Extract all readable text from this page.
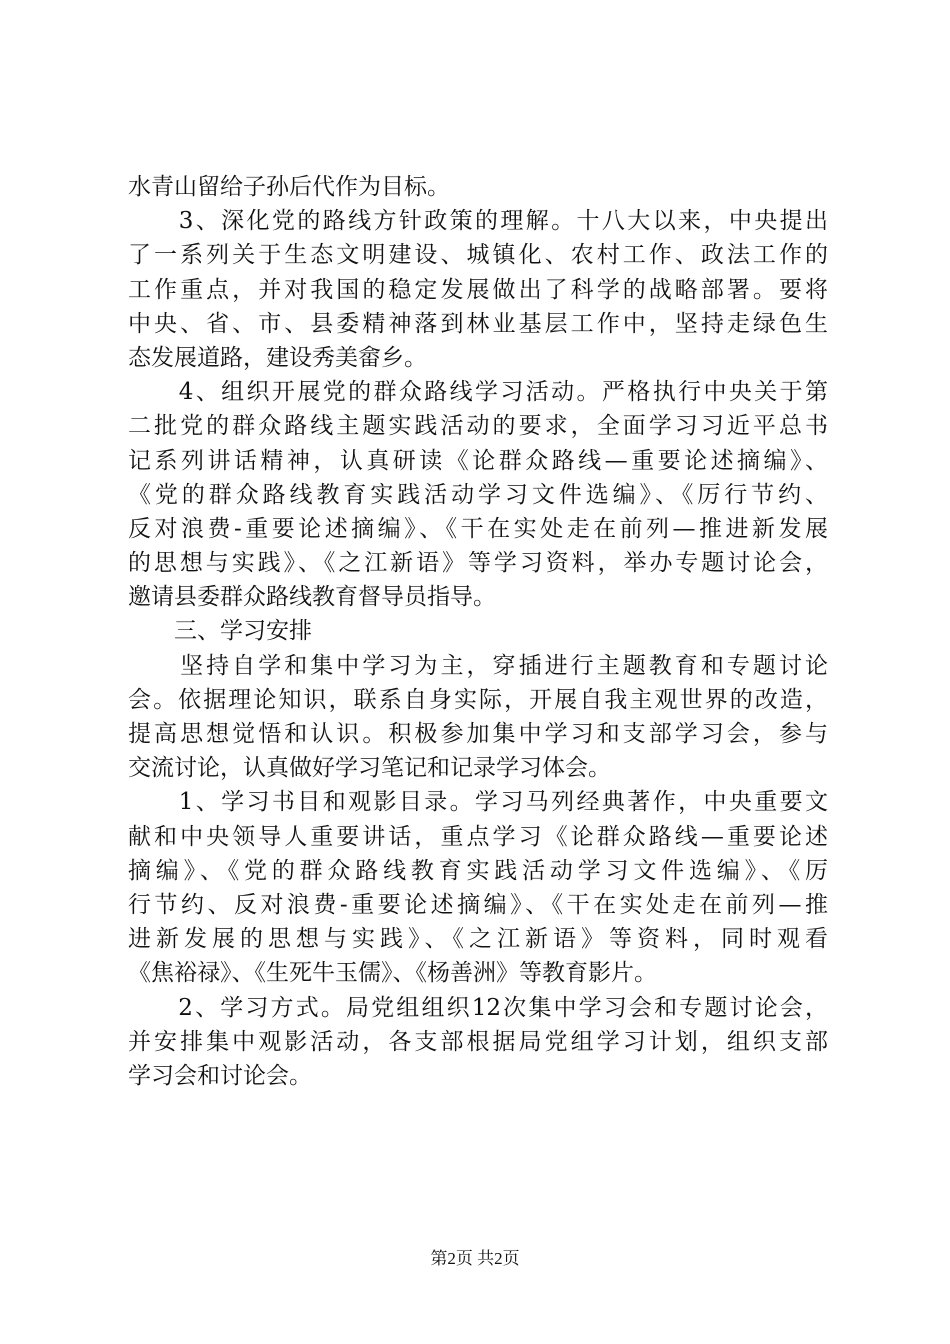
水青山留给子孙后代作为目标。
　　3、深化党的路线方针政策的理解。十八大以来，中央提出
了一系列关于生态文明建设、城镇化、农村工作、政法工作的
工作重点，并对我国的稳定发展做出了科学的战略部署。要将
中央、省、市、县委精神落到林业基层工作中，坚持走绿色生
态发展道路，建设秀美畲乡。
　　4、组织开展党的群众路线学习活动。严格执行中央关于第
二批党的群众路线主题实践活动的要求，全面学习习近平总书
记系列讲话精神，认真研读《论群众路线—重要论述摘编》、
《党的群众路线教育实践活动学习文件选编》、《厉行节约、
反对浪费-重要论述摘编》、《干在实处走在前列—推进新发展
的思想与实践》、《之江新语》等学习资料，举办专题讨论会，
邀请县委群众路线教育督导员指导。
　　三、学习安排
　　坚持自学和集中学习为主，穿插进行主题教育和专题讨论
会。依据理论知识，联系自身实际，开展自我主观世界的改造，
提高思想觉悟和认识。积极参加集中学习和支部学习会，参与
交流讨论，认真做好学习笔记和记录学习体会。
　　1、学习书目和观影目录。学习马列经典著作，中央重要文
献和中央领导人重要讲话，重点学习《论群众路线—重要论述
摘编》、《党的群众路线教育实践活动学习文件选编》、《厉
行节约、反对浪费-重要论述摘编》、《干在实处走在前列—推
进新发展的思想与实践》、《之江新语》等资料，同时观看
《焦裕禄》、《生死牛玉儒》、《杨善洲》等教育影片。
　　2、学习方式。局党组组织12次集中学习会和专题讨论会，
并安排集中观影活动，各支部根据局党组学习计划，组织支部
学习会和讨论会。
第2页 共2页
